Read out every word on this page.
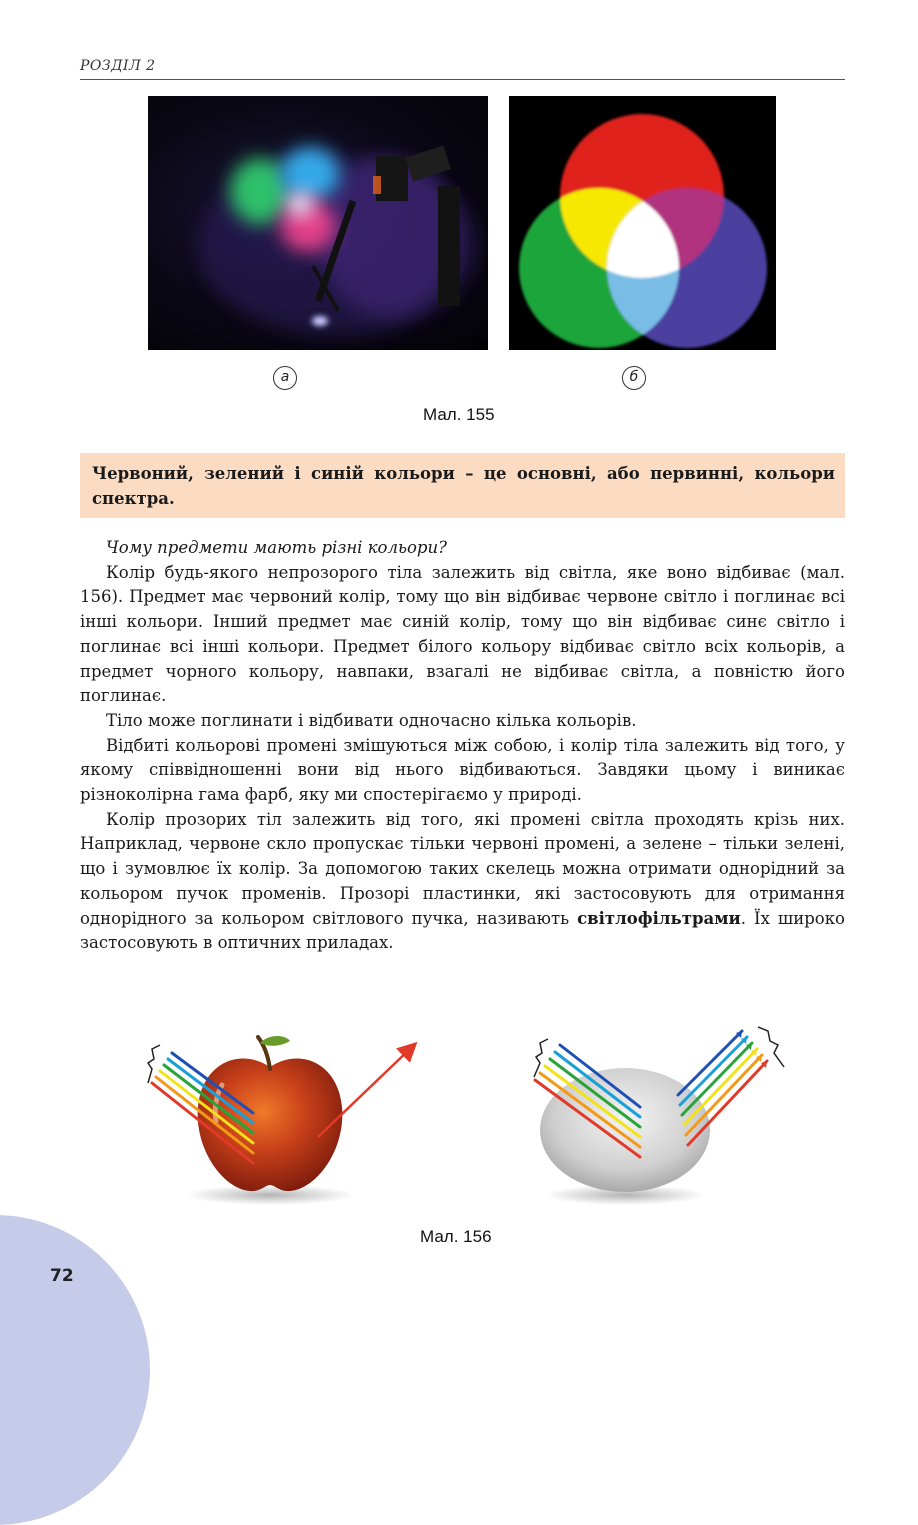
РОЗДІЛ 2
а	б
Мал. 155

Червоний, зелений і синій кольори – це основні, або первинні, кольори спектра.

Чому предмети мають різні кольори?

Колір будь-якого непрозорого тіла залежить від світла, яке воно відбиває (мал. 156). Предмет має червоний колір, тому що він відбиває червоне світло і поглинає всі інші кольори. Інший предмет має синій колір, тому що він відбиває синє світло і поглинає всі інші кольори. Предмет білого кольору відбиває світло всіх кольорів, а предмет чорного кольору, навпаки, взагалі не відбиває світла, а повністю його поглинає.

Тіло може поглинати і відбивати одночасно кілька кольорів.

Відбиті кольорові промені змішуються між собою, і колір тіла залежить від того, у якому співвідношенні вони від нього відбиваються. Завдяки цьому і виникає різноколірна гама фарб, яку ми спостерігаємо у природі.

Колір прозорих тіл залежить від того, які промені світла проходять крізь них. Наприклад, червоне скло пропускає тільки червоні промені, а зелене – тільки зелені, що і зумовлює їх колір. За допомогою таких скелець можна отримати однорідний за кольором пучок променів. Прозорі пластинки, які застосовують для отримання однорідного за кольором світлового пучка, називають світлофільтрами. Їх широко застосовують в оптичних приладах.

Мал. 156
72
